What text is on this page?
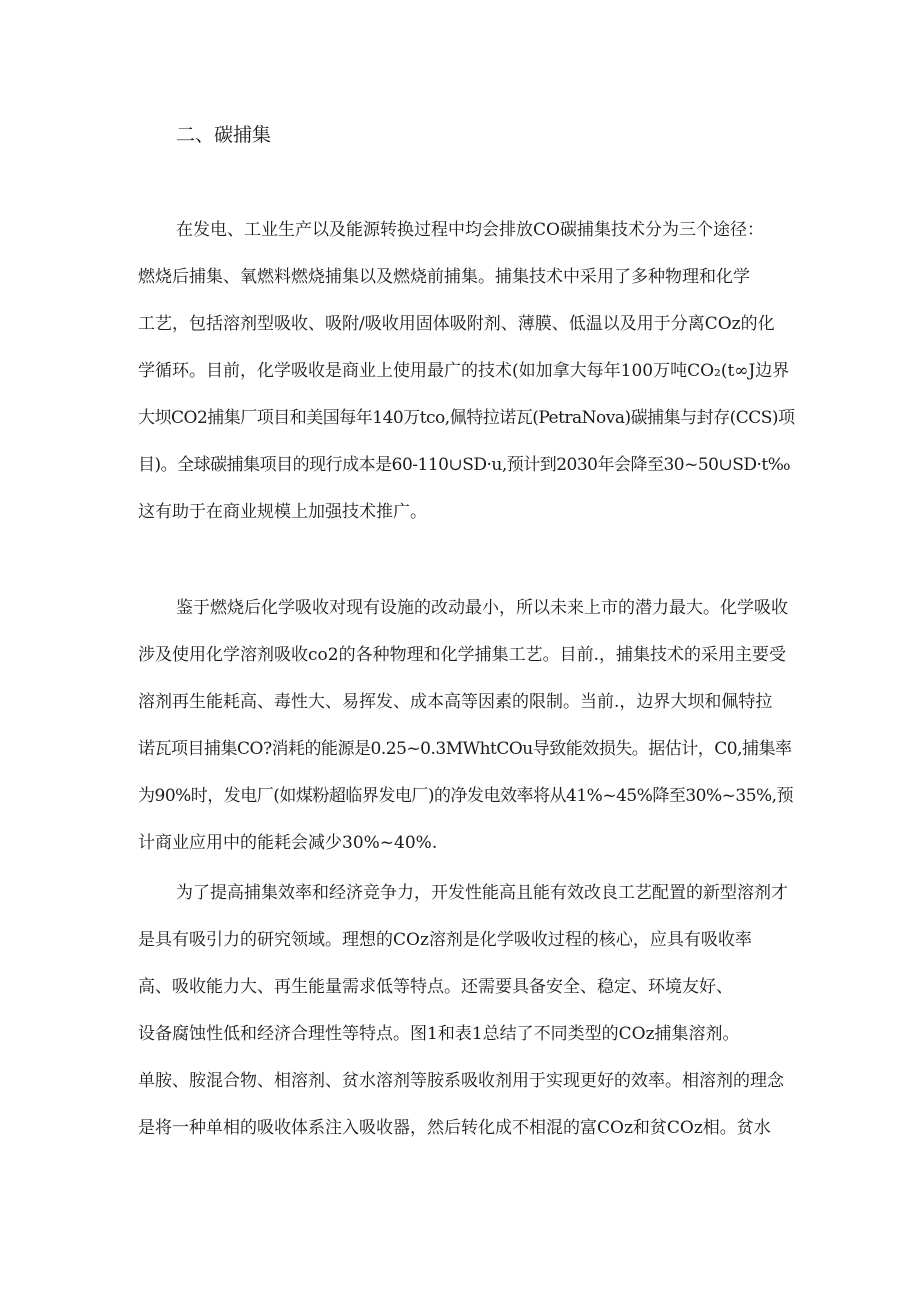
二、碳捕集

在发电、工业生产以及能源转换过程中均会排放CO碳捕集技术分为三个途径：

燃烧后捕集、氧燃料燃烧捕集以及燃烧前捕集。捕集技术中采用了多种物理和化学

工艺，包括溶剂型吸收、吸附/吸收用固体吸附剂、薄膜、低温以及用于分离COz的化

学循环。目前，化学吸收是商业上使用最广的技术(如加拿大每年100万吨CO₂(t∞J边界

大坝CO2捕集厂项目和美国每年140万tco,佩特拉诺瓦(PetraNova)碳捕集与封存(CCS)项

目)。全球碳捕集项目的现行成本是60-110∪SD·u,预计到2030年会降至30~50∪SD·t‰

这有助于在商业规模上加强技术推广。

鉴于燃烧后化学吸收对现有设施的改动最小，所以未来上市的潜力最大。化学吸收

涉及使用化学溶剂吸收co2的各种物理和化学捕集工艺。目前.，捕集技术的采用主要受

溶剂再生能耗高、毒性大、易挥发、成本高等因素的限制。当前.，边界大坝和佩特拉

诺瓦项目捕集CO?消耗的能源是0.25~0.3MWhtCOu导致能效损失。据估计，C0,捕集率

为90%时，发电厂(如煤粉超临界发电厂)的净发电效率将从41%~45%降至30%~35%,预

计商业应用中的能耗会减少30%~40%.

为了提高捕集效率和经济竞争力，开发性能高且能有效改良工艺配置的新型溶剂才

是具有吸引力的研究领域。理想的COz溶剂是化学吸收过程的核心，应具有吸收率

高、吸收能力大、再生能量需求低等特点。还需要具备安全、稳定、环境友好、

设备腐蚀性低和经济合理性等特点。图1和表1总结了不同类型的COz捕集溶剂。

单胺、胺混合物、相溶剂、贫水溶剂等胺系吸收剂用于实现更好的效率。相溶剂的理念

是将一种单相的吸收体系注入吸收器，然后转化成不相混的富COz和贫COz相。贫水
